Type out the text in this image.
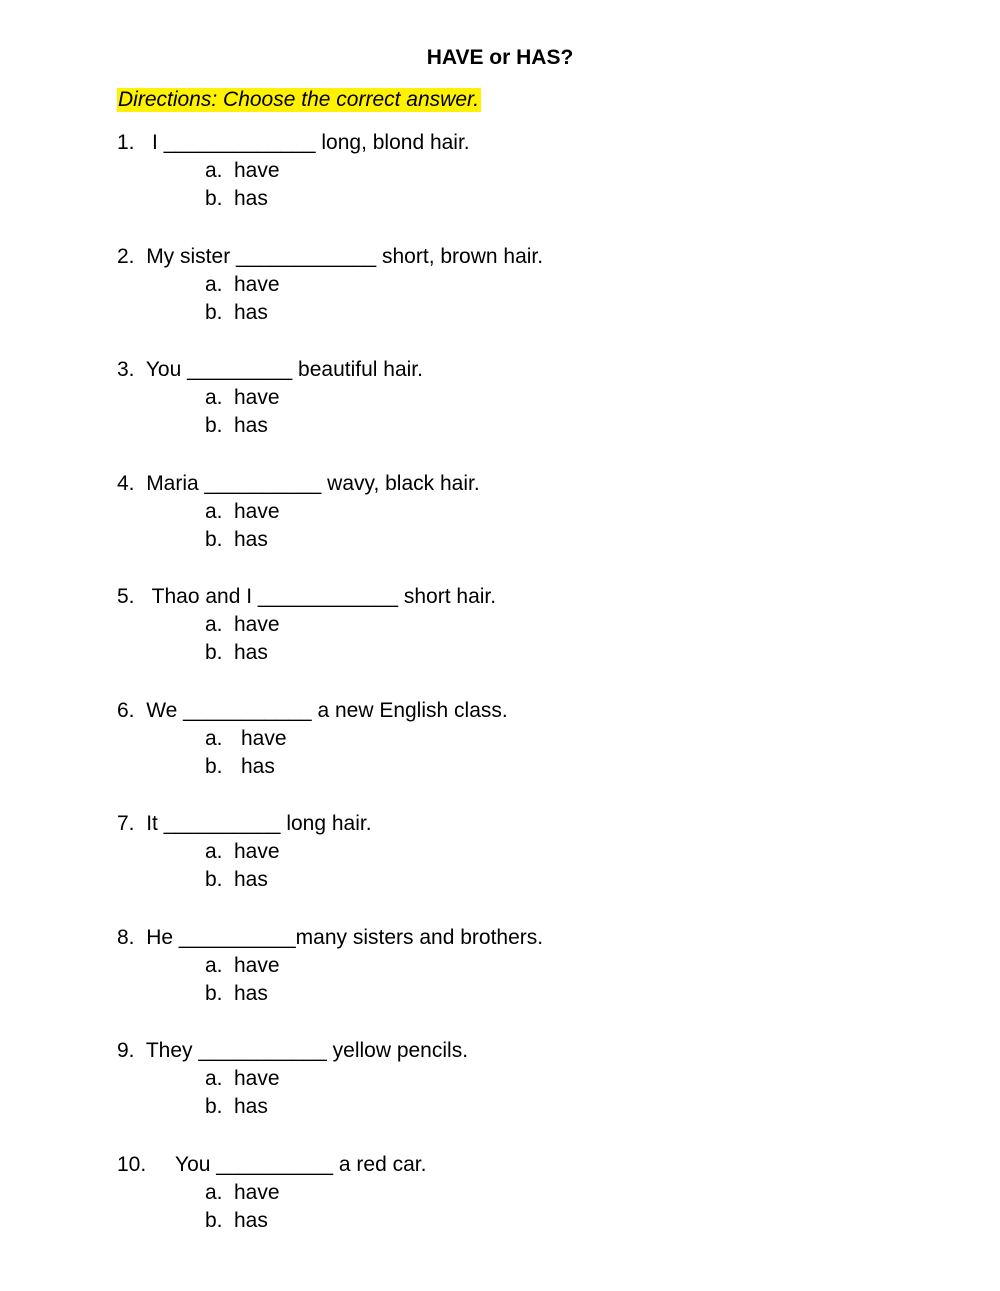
HAVE or HAS?
Directions: Choose the correct answer.
1. I _____________ long, blond hair.
a. have
b. has
2. My sister ____________ short, brown hair.
a. have
b. has
3. You _________ beautiful hair.
a. have
b. has
4. Maria __________ wavy, black hair.
a. have
b. has
5. Thao and I ____________ short hair.
a. have
b. has
6. We ___________ a new English class.
a. have
b. has
7. It __________ long hair.
a. have
b. has
8. He __________many sisters and brothers.
a. have
b. has
9. They ___________ yellow pencils.
a. have
b. has
10. You __________ a red car.
a. have
b. has
